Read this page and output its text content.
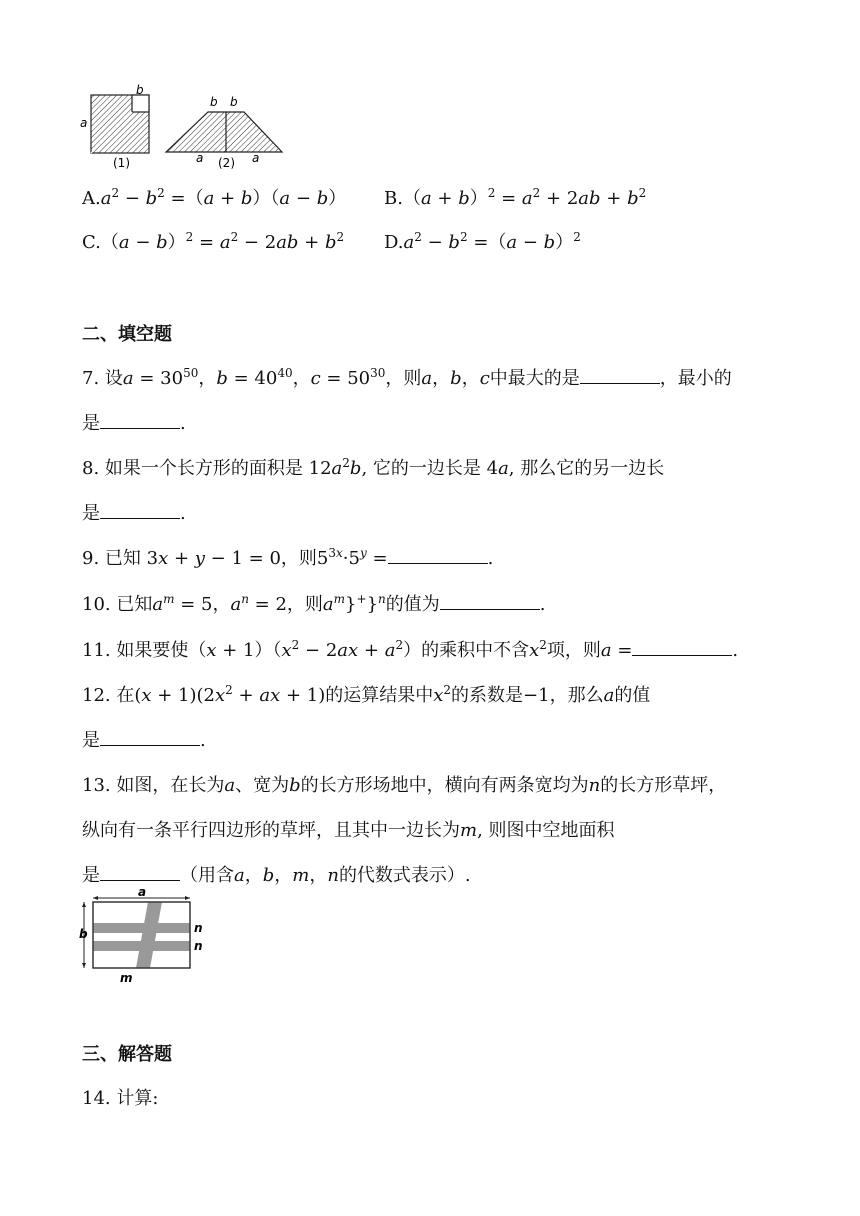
b
a
(1)
b b
a	a
(2)
$A.a^2 - b^2 =(a + b)(a - b) B.(a + b)^2 = a^2 + 2ab + b^2$
$C.(a - b)^2 = a^2 - 2ab + b^2$ $D.a^2 - b^2 =(a - b)^2$
二、填空题
7. 设$a = 30^{50}$，$b = 40^{40}$，$c = 50^{30}$，则a，b，c中最大的是	，最小的
是	.
8. 如果一个长方形的面积是 $12a^2b$, 它的一边长是 4a, 那么它的另一边长
是	.
9. 已知 3x + y − 1 = 0，则$5^{3x}\cdot 5^y$ =	.
10. 已知$a^m = 5$，$a^n = 2$，则$a^m\}^+\}^n$的值为	.
11. 如果要使$(x + 1)(x^2 - 2ax + a^2)$的乘积中不含$x^2$项，则a =	.
12. 在$(x + 1)(2x^2$ + ax + 1)的运算结果中$x^2$的系数是−1，那么a的值
是	.
13. 如图，在长为a、宽为b的长方形场地中，横向有两条宽均为n的长方形草坪，
纵向有一条平行四边形的草坪，且其中一边长为m, 则图中空地面积
是	（用含a，b，m，n的代数式表示）.
a
b	n
n
m
三、解答题
14. 计算:
